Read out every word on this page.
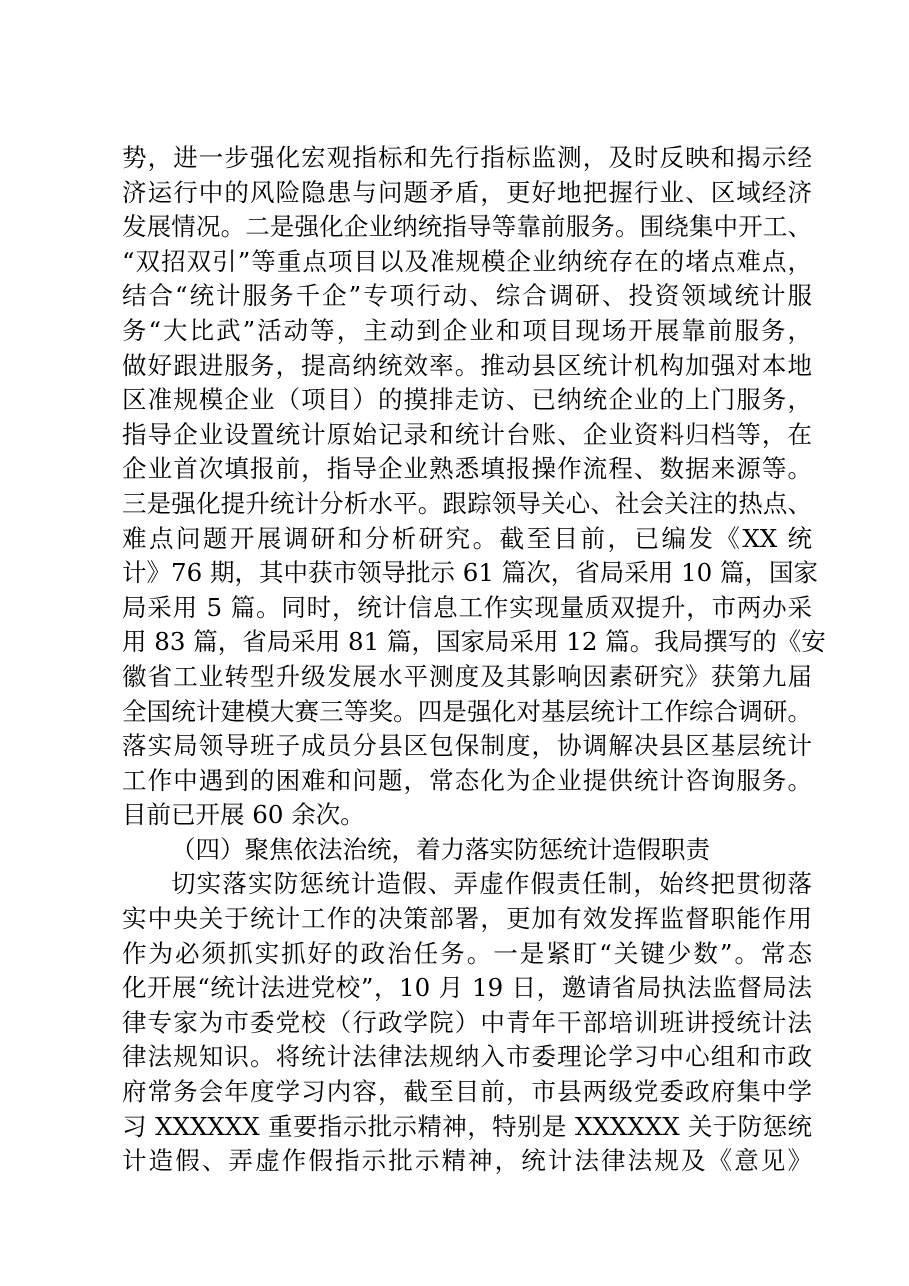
势，进一步强化宏观指标和先行指标监测，及时反映和揭示经
济运行中的风险隐患与问题矛盾，更好地把握行业、区域经济
发展情况。二是强化企业纳统指导等靠前服务。围绕集中开工、
“双招双引”等重点项目以及准规模企业纳统存在的堵点难点，
结合“统计服务千企”专项行动、综合调研、投资领域统计服
务“大比武”活动等，主动到企业和项目现场开展靠前服务，
做好跟进服务，提高纳统效率。推动县区统计机构加强对本地
区准规模企业（项目）的摸排走访、已纳统企业的上门服务，
指导企业设置统计原始记录和统计台账、企业资料归档等，在
企业首次填报前，指导企业熟悉填报操作流程、数据来源等。
三是强化提升统计分析水平。跟踪领导关心、社会关注的热点、
难点问题开展调研和分析研究。截至目前，已编发《XX 统
计》76 期，其中获市领导批示 61 篇次，省局采用 10 篇，国家
局采用 5 篇。同时，统计信息工作实现量质双提升，市两办采
用 83 篇，省局采用 81 篇，国家局采用 12 篇。我局撰写的《安
徽省工业转型升级发展水平测度及其影响因素研究》获第九届
全国统计建模大赛三等奖。四是强化对基层统计工作综合调研。
落实局领导班子成员分县区包保制度，协调解决县区基层统计
工作中遇到的困难和问题，常态化为企业提供统计咨询服务。
目前已开展 60 余次。
（四）聚焦依法治统，着力落实防惩统计造假职责
切实落实防惩统计造假、弄虚作假责任制，始终把贯彻落
实中央关于统计工作的决策部署，更加有效发挥监督职能作用
作为必须抓实抓好的政治任务。一是紧盯“关键少数”。常态
化开展“统计法进党校”，10 月 19 日，邀请省局执法监督局法
律专家为市委党校（行政学院）中青年干部培训班讲授统计法
律法规知识。将统计法律法规纳入市委理论学习中心组和市政
府常务会年度学习内容，截至目前，市县两级党委政府集中学
习 XXXXXX 重要指示批示精神，特别是 XXXXXX 关于防惩统
计造假、弄虚作假指示批示精神，统计法律法规及《意见》
